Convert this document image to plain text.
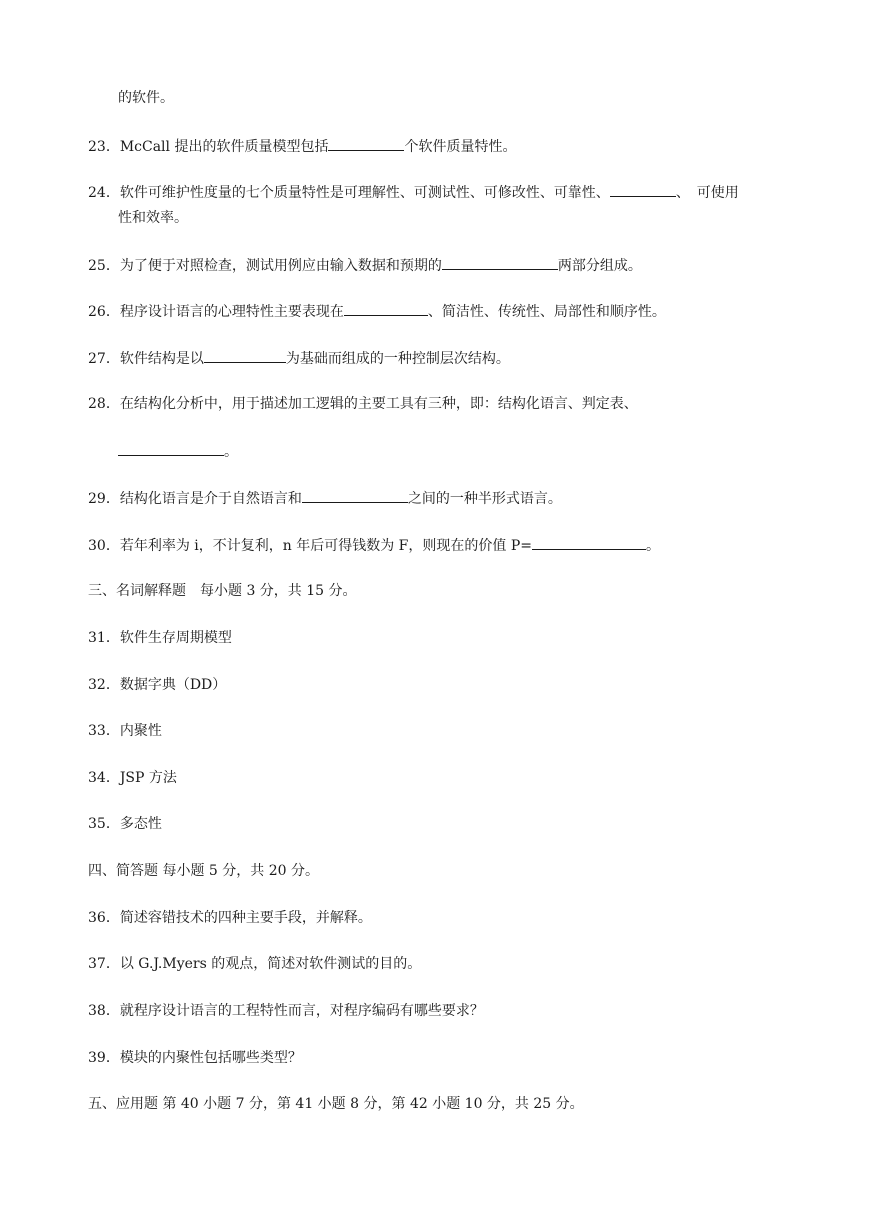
的软件。
23．McCall 提出的软件质量模型包括	个软件质量特性。
24．软件可维护性度量的七个质量特性是可理解性、可测试性、可修改性、可靠性、	、　可使用
性和效率。
25．为了便于对照检查，测试用例应由输入数据和预期的	两部分组成。
26．程序设计语言的心理特性主要表现在	、简洁性、传统性、局部性和顺序性。
27．软件结构是以	为基础而组成的一种控制层次结构。
28．在结构化分析中，用于描述加工逻辑的主要工具有三种，即：结构化语言、判定表、
。
29．结构化语言是介于自然语言和	之间的一种半形式语言。
30．若年利率为 i，不计复利，n 年后可得钱数为 F，则现在的价值 P=	。
三、名词解释题　每小题 3 分，共 15 分。
31．软件生存周期模型
32．数据字典（DD）
33．内聚性
34．JSP 方法
35．多态性
四、简答题 每小题 5 分，共 20 分。
36．简述容错技术的四种主要手段，并解释。
37．以 G.J.Myers 的观点，简述对软件测试的目的。
38．就程序设计语言的工程特性而言，对程序编码有哪些要求？
39．模块的内聚性包括哪些类型？
五、应用题 第 40 小题 7 分，第 41 小题 8 分，第 42 小题 10 分，共 25 分。
